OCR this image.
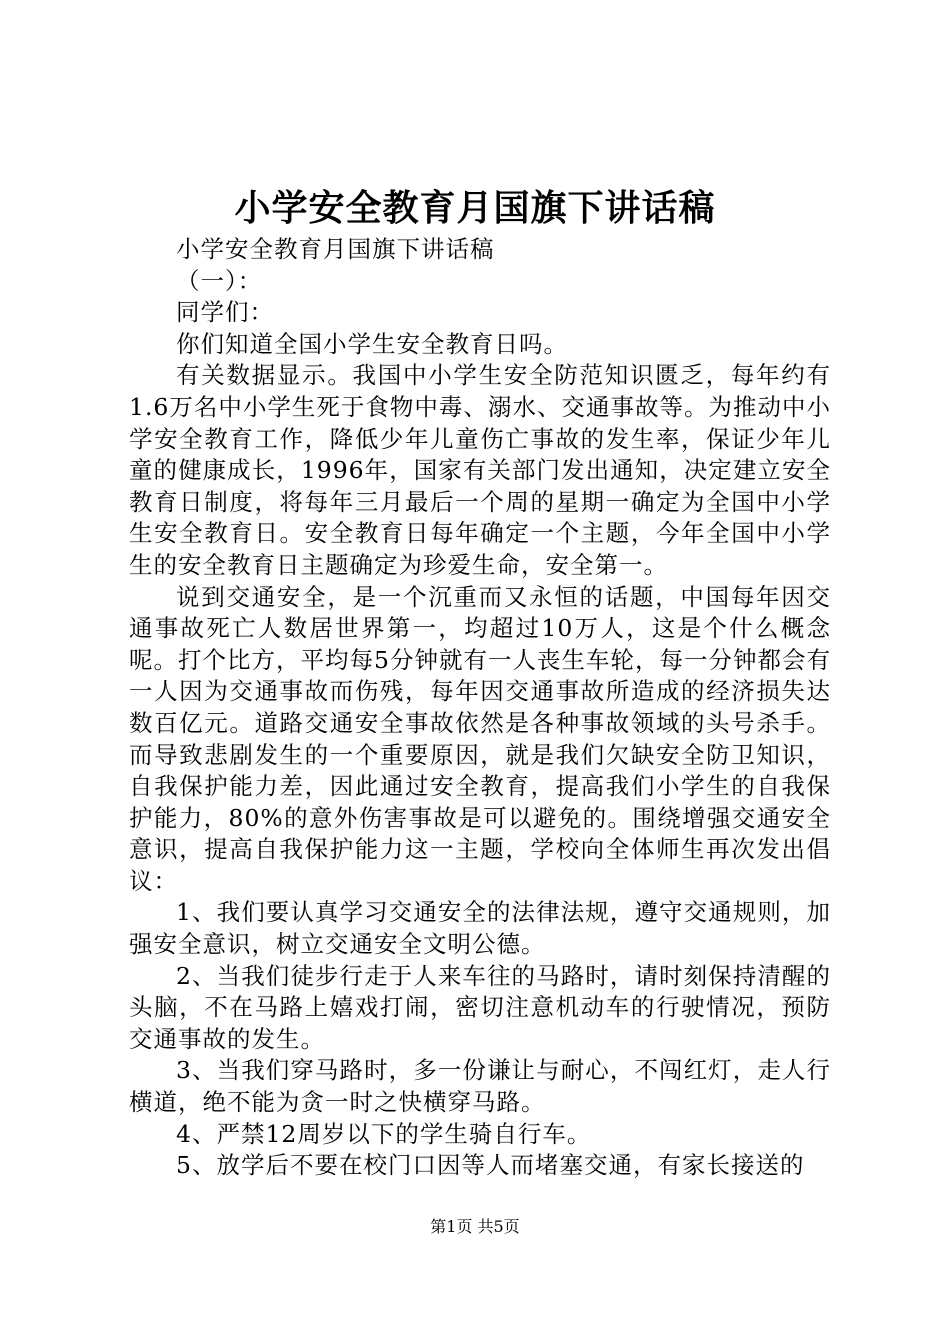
小学安全教育月国旗下讲话稿

小学安全教育月国旗下讲话稿

（一）：

同学们：

你们知道全国小学生安全教育日吗。

有关数据显示。我国中小学生安全防范知识匮乏，每年约有1.6万名中小学生死于食物中毒、溺水、交通事故等。为推动中小学安全教育工作，降低少年儿童伤亡事故的发生率，保证少年儿童的健康成长，1996年，国家有关部门发出通知，决定建立安全教育日制度，将每年三月最后一个周的星期一确定为全国中小学生安全教育日。安全教育日每年确定一个主题，今年全国中小学生的安全教育日主题确定为珍爱生命，安全第一。

说到交通安全，是一个沉重而又永恒的话题，中国每年因交通事故死亡人数居世界第一，均超过10万人，这是个什么概念呢。打个比方，平均每5分钟就有一人丧生车轮，每一分钟都会有一人因为交通事故而伤残，每年因交通事故所造成的经济损失达数百亿元。道路交通安全事故依然是各种事故领域的头号杀手。而导致悲剧发生的一个重要原因，就是我们欠缺安全防卫知识，自我保护能力差，因此通过安全教育，提高我们小学生的自我保护能力，80%的意外伤害事故是可以避免的。围绕增强交通安全意识，提高自我保护能力这一主题，学校向全体师生再次发出倡议：

1、我们要认真学习交通安全的法律法规，遵守交通规则，加强安全意识，树立交通安全文明公德。

2、当我们徒步行走于人来车往的马路时，请时刻保持清醒的头脑，不在马路上嬉戏打闹，密切注意机动车的行驶情况，预防交通事故的发生。

3、当我们穿马路时，多一份谦让与耐心，不闯红灯，走人行横道，绝不能为贪一时之快横穿马路。

4、严禁12周岁以下的学生骑自行车。

5、放学后不要在校门口因等人而堵塞交通，有家长接送的

第1页 共5页
